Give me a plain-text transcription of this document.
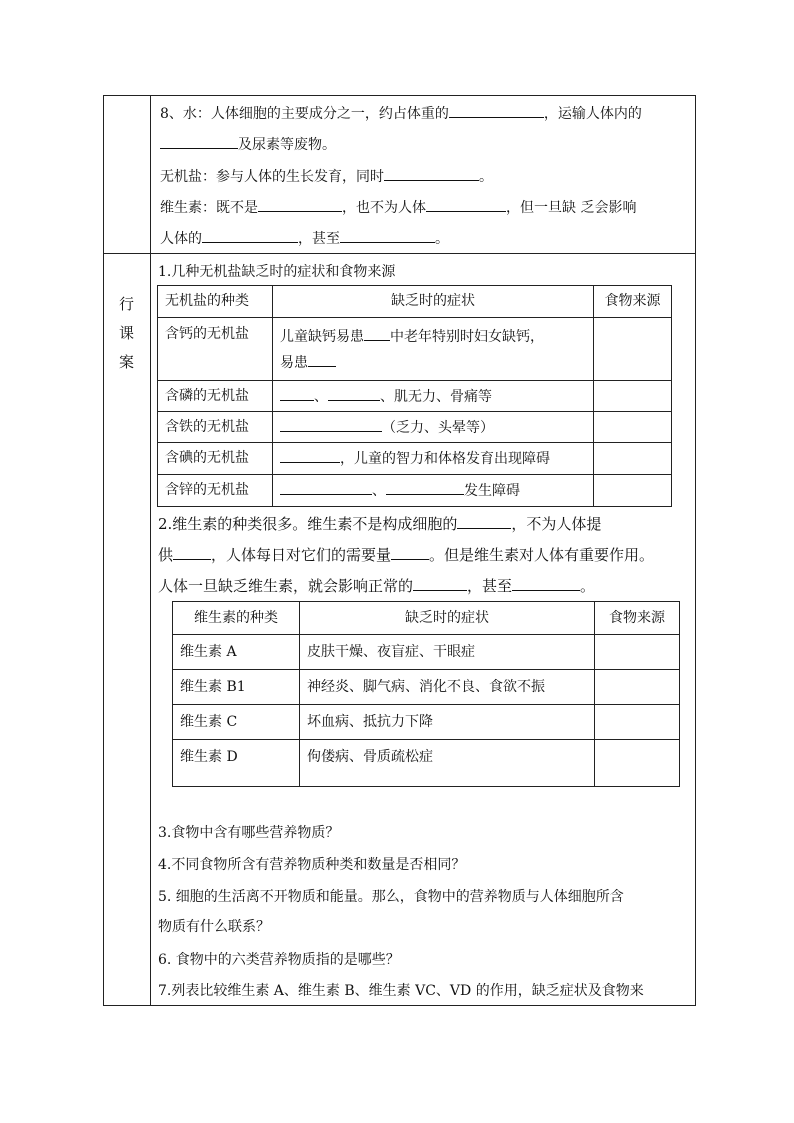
行
课
案
8、水：人体细胞的主要成分之一，约占体重的	，运输人体内的
及尿素等废物。
无机盐：参与人体的生长发育，同时	。
维生素：既不是	，也不为人体	，但一旦缺 乏会影响
人体的	，甚至	。
1.几种无机盐缺乏时的症状和食物来源
无机盐的种类	缺乏时的症状	食物来源
含钙的无机盐	儿童缺钙易患 中老年特别时妇女缺钙，
易患	
含磷的无机盐	、 、肌无力、骨痛等	
含铁的无机盐	（乏力、头晕等）	
含碘的无机盐	，儿童的智力和体格发育出现障碍	
含锌的无机盐	、 发生障碍	
2.维生素的种类很多。维生素不是构成细胞的	，不为人体提
供	，人体每日对它们的需要量	。但是维生素对人体有重要作用。
人体一旦缺乏维生素，就会影响正常的	，甚至	。
维生素的种类	缺乏时的症状	食物来源
维生素 A	皮肤干燥、夜盲症、干眼症	
维生素 B1	神经炎、脚气病、消化不良、食欲不振	
维生素 C	坏血病、抵抗力下降	
维生素 D	佝偻病、骨质疏松症	
3.食物中含有哪些营养物质？
4.不同食物所含有营养物质种类和数量是否相同？
5. 细胞的生活离不开物质和能量。那么，食物中的营养物质与人体细胞所含
物质有什么联系？
6. 食物中的六类营养物质指的是哪些？
7.列表比较维生素 A、维生素 B、维生素 VC、VD 的作用，缺乏症状及食物来
